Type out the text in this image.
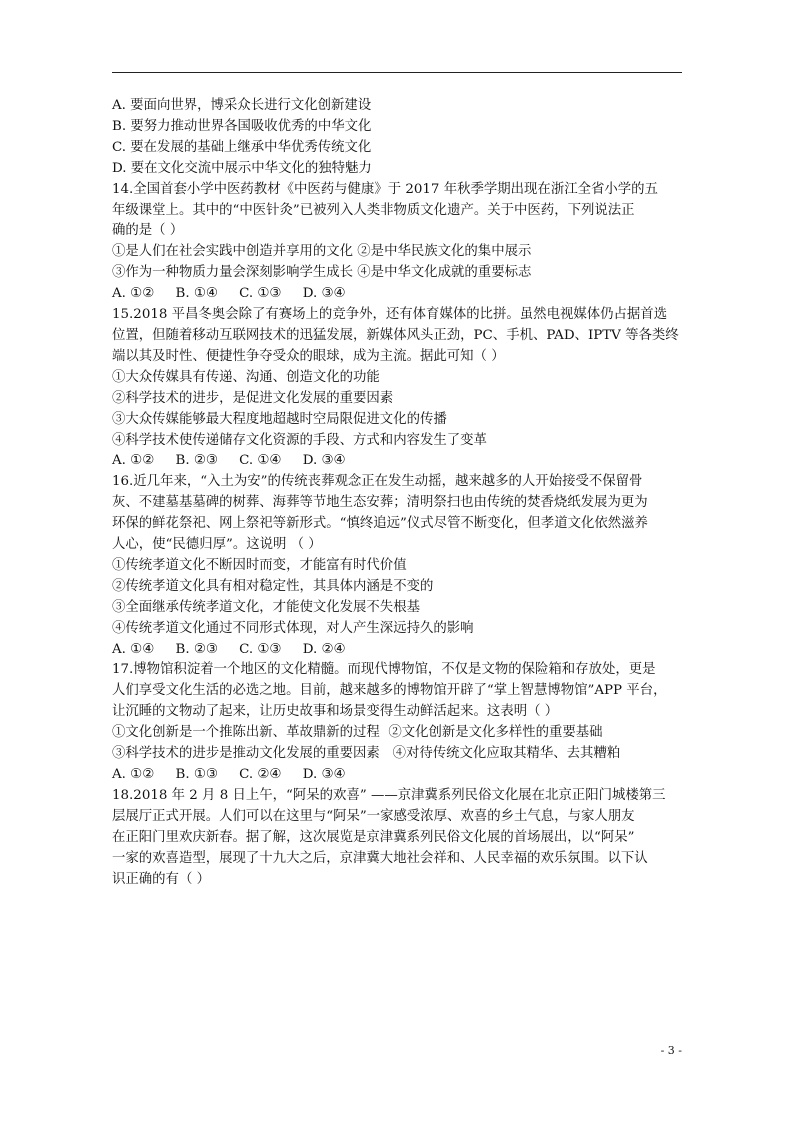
A. 要面向世界，博采众长进行文化创新建设
B. 要努力推动世界各国吸收优秀的中华文化
C. 要在发展的基础上继承中华优秀传统文化
D. 要在文化交流中展示中华文化的独特魅力
14.全国首套小学中医药教材《中医药与健康》于 2017 年秋季学期出现在浙江全省小学的五
年级课堂上。其中的“中医针灸”已被列入人类非物质文化遗产。关于中医药，下列说法正
确的是（ ）
①是人们在社会实践中创造并享用的文化 ②是中华民族文化的集中展示
③作为一种物质力量会深刻影响学生成长 ④是中华文化成就的重要标志
A. ①②     B. ①④     C. ①③     D. ③④
15.2018 平昌冬奥会除了有赛场上的竞争外，还有体育媒体的比拼。虽然电视媒体仍占据首选
位置，但随着移动互联网技术的迅猛发展，新媒体风头正劲，PC、手机、PAD、IPTV 等各类终
端以其及时性、便捷性争夺受众的眼球，成为主流。据此可知（ ）
①大众传媒具有传递、沟通、创造文化的功能
②科学技术的进步，是促进文化发展的重要因素
③大众传媒能够最大程度地超越时空局限促进文化的传播
④科学技术使传递储存文化资源的手段、方式和内容发生了变革
A. ①②     B. ②③     C. ①④     D. ③④
16.近几年来，“入土为安”的传统丧葬观念正在发生动摇，越来越多的人开始接受不保留骨
灰、不建墓基墓碑的树葬、海葬等节地生态安葬；清明祭扫也由传统的焚香烧纸发展为更为
环保的鲜花祭祀、网上祭祀等新形式。“慎终追远”仪式尽管不断变化，但孝道文化依然滋养
人心，使“民德归厚”。这说明 （ ）
①传统孝道文化不断因时而变，才能富有时代价值
②传统孝道文化具有相对稳定性，其具体内涵是不变的
③全面继承传统孝道文化，才能使文化发展不失根基
④传统孝道文化通过不同形式体现，对人产生深远持久的影响
A. ①④     B. ②③     C. ①③     D. ②④
17.博物馆积淀着一个地区的文化精髓。而现代博物馆，不仅是文物的保险箱和存放处，更是
人们享受文化生活的必选之地。目前，越来越多的博物馆开辟了“掌上智慧博物馆”APP 平台，
让沉睡的文物动了起来，让历史故事和场景变得生动鲜活起来。这表明（ ）
①文化创新是一个推陈出新、革故鼎新的过程  ②文化创新是文化多样性的重要基础
③科学技术的进步是推动文化发展的重要因素   ④对待传统文化应取其精华、去其糟粕
A. ①②     B. ①③     C. ②④     D. ③④
18.2018 年 2 月 8 日上午，“阿呆的欢喜” ——京津冀系列民俗文化展在北京正阳门城楼第三
层展厅正式开展。人们可以在这里与“阿呆”一家感受浓厚、欢喜的乡土气息，与家人朋友
在正阳门里欢庆新春。据了解，这次展览是京津冀系列民俗文化展的首场展出，以“阿呆”
一家的欢喜造型，展现了十九大之后，京津冀大地社会祥和、人民幸福的欢乐氛围。以下认
识正确的有（ ）
- 3 -
